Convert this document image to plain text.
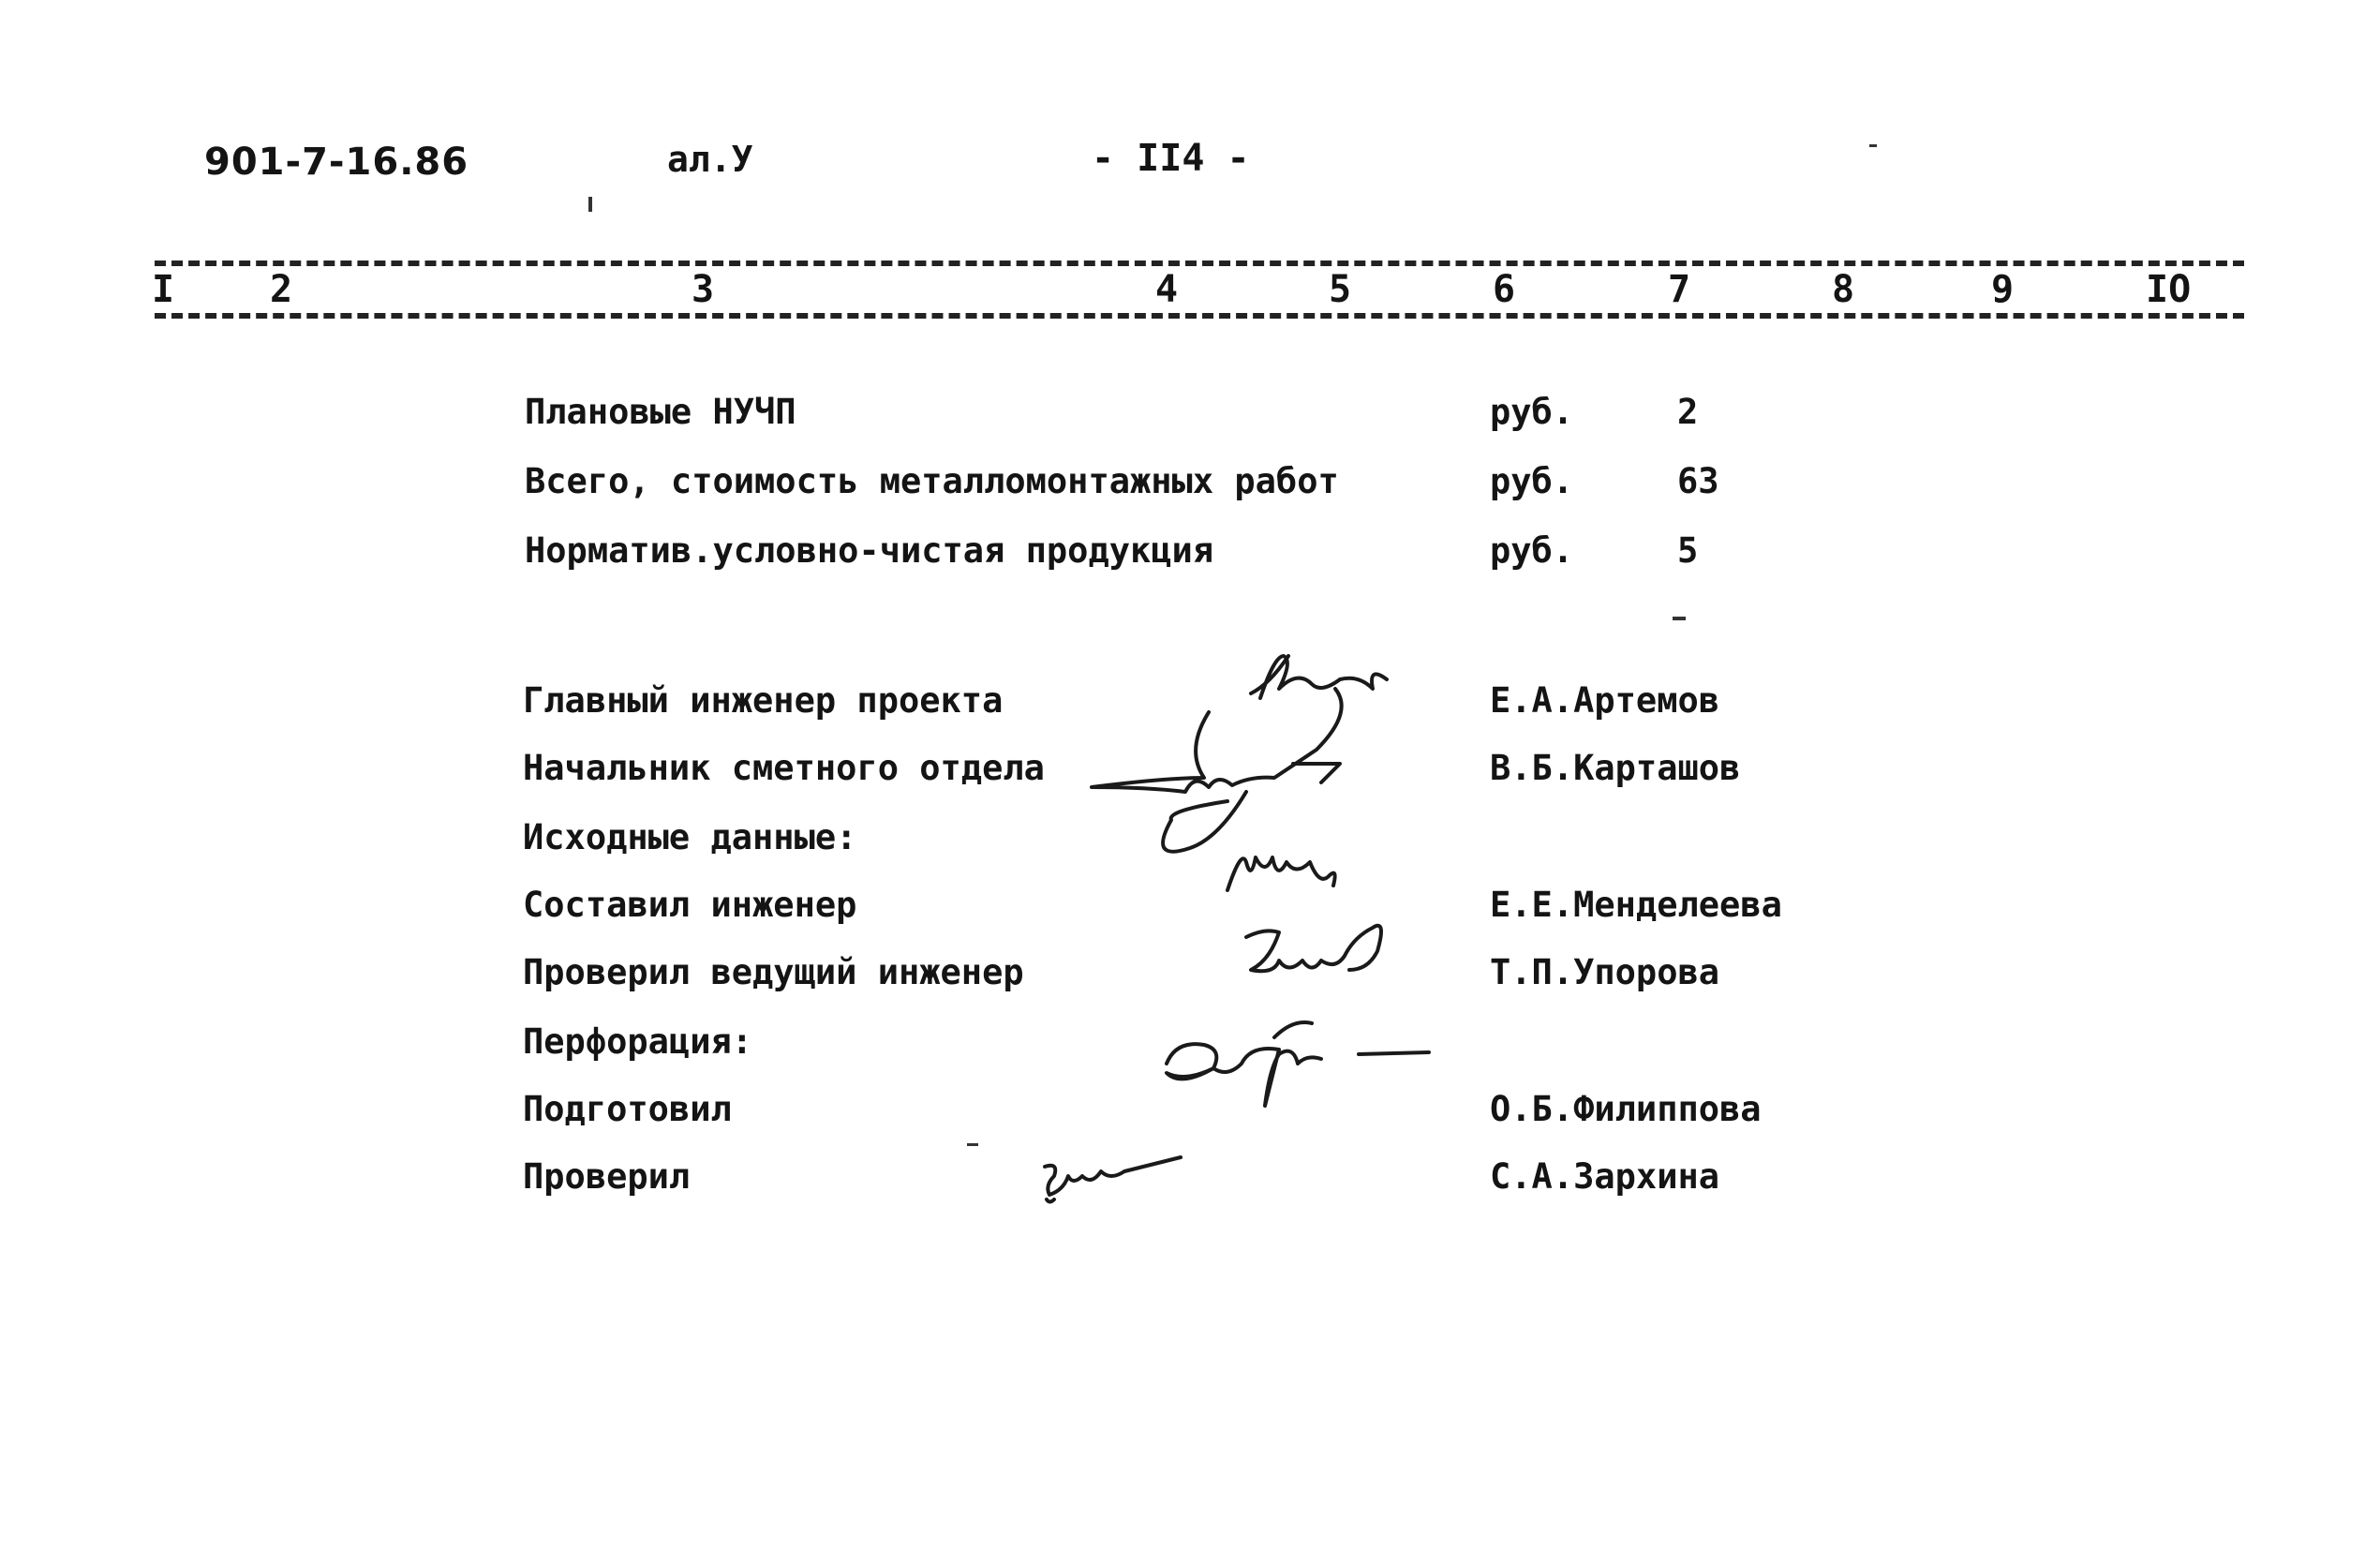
901-7-16.86	ал.У	- II4 -
I	2	3	4	5	6	7	8	9	IO
Плановые НУЧП	руб.	2
Всего, стоимость металломонтажных работ	руб.	63
Норматив.условно-чистая продукция	руб.	5
Главный инженер проекта	Е.А.Артемов
Начальник сметного отдела	В.Б.Карташов
Исходные данные:
Составил инженер	Е.Е.Менделеева
Проверил ведущий инженер	Т.П.Упорова
Перфорация:
Подготовил	О.Б.Филиппова
Проверил	С.А.Зархина
